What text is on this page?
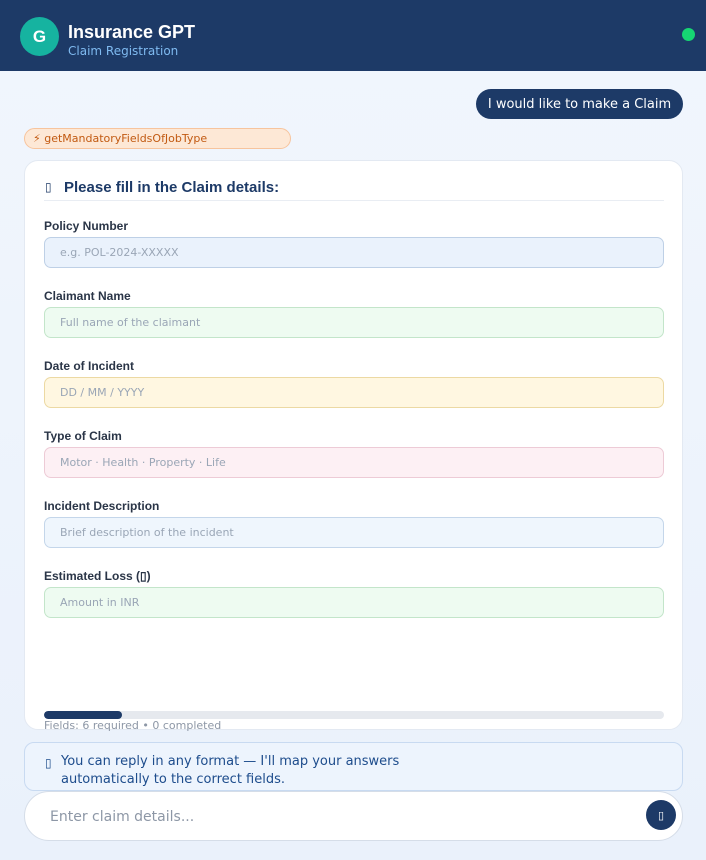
G	Insurance GPT
Claim Registration
I would like to make a Claim
⚡ getMandatoryFieldsOfJobType
▯ Please fill in the Claim details:
Policy Number
e.g. POL-2024-XXXXX
Claimant Name
Full name of the claimant
Date of Incident
DD / MM / YYYY
Type of Claim
Motor · Health · Property · Life
Incident Description
Brief description of the incident
Estimated Loss (▯)
Amount in INR
Fields: 6 required • 0 completed
▯ You can reply in any format — I'll map your answers automatically to the correct fields.
Enter claim details...
▯
